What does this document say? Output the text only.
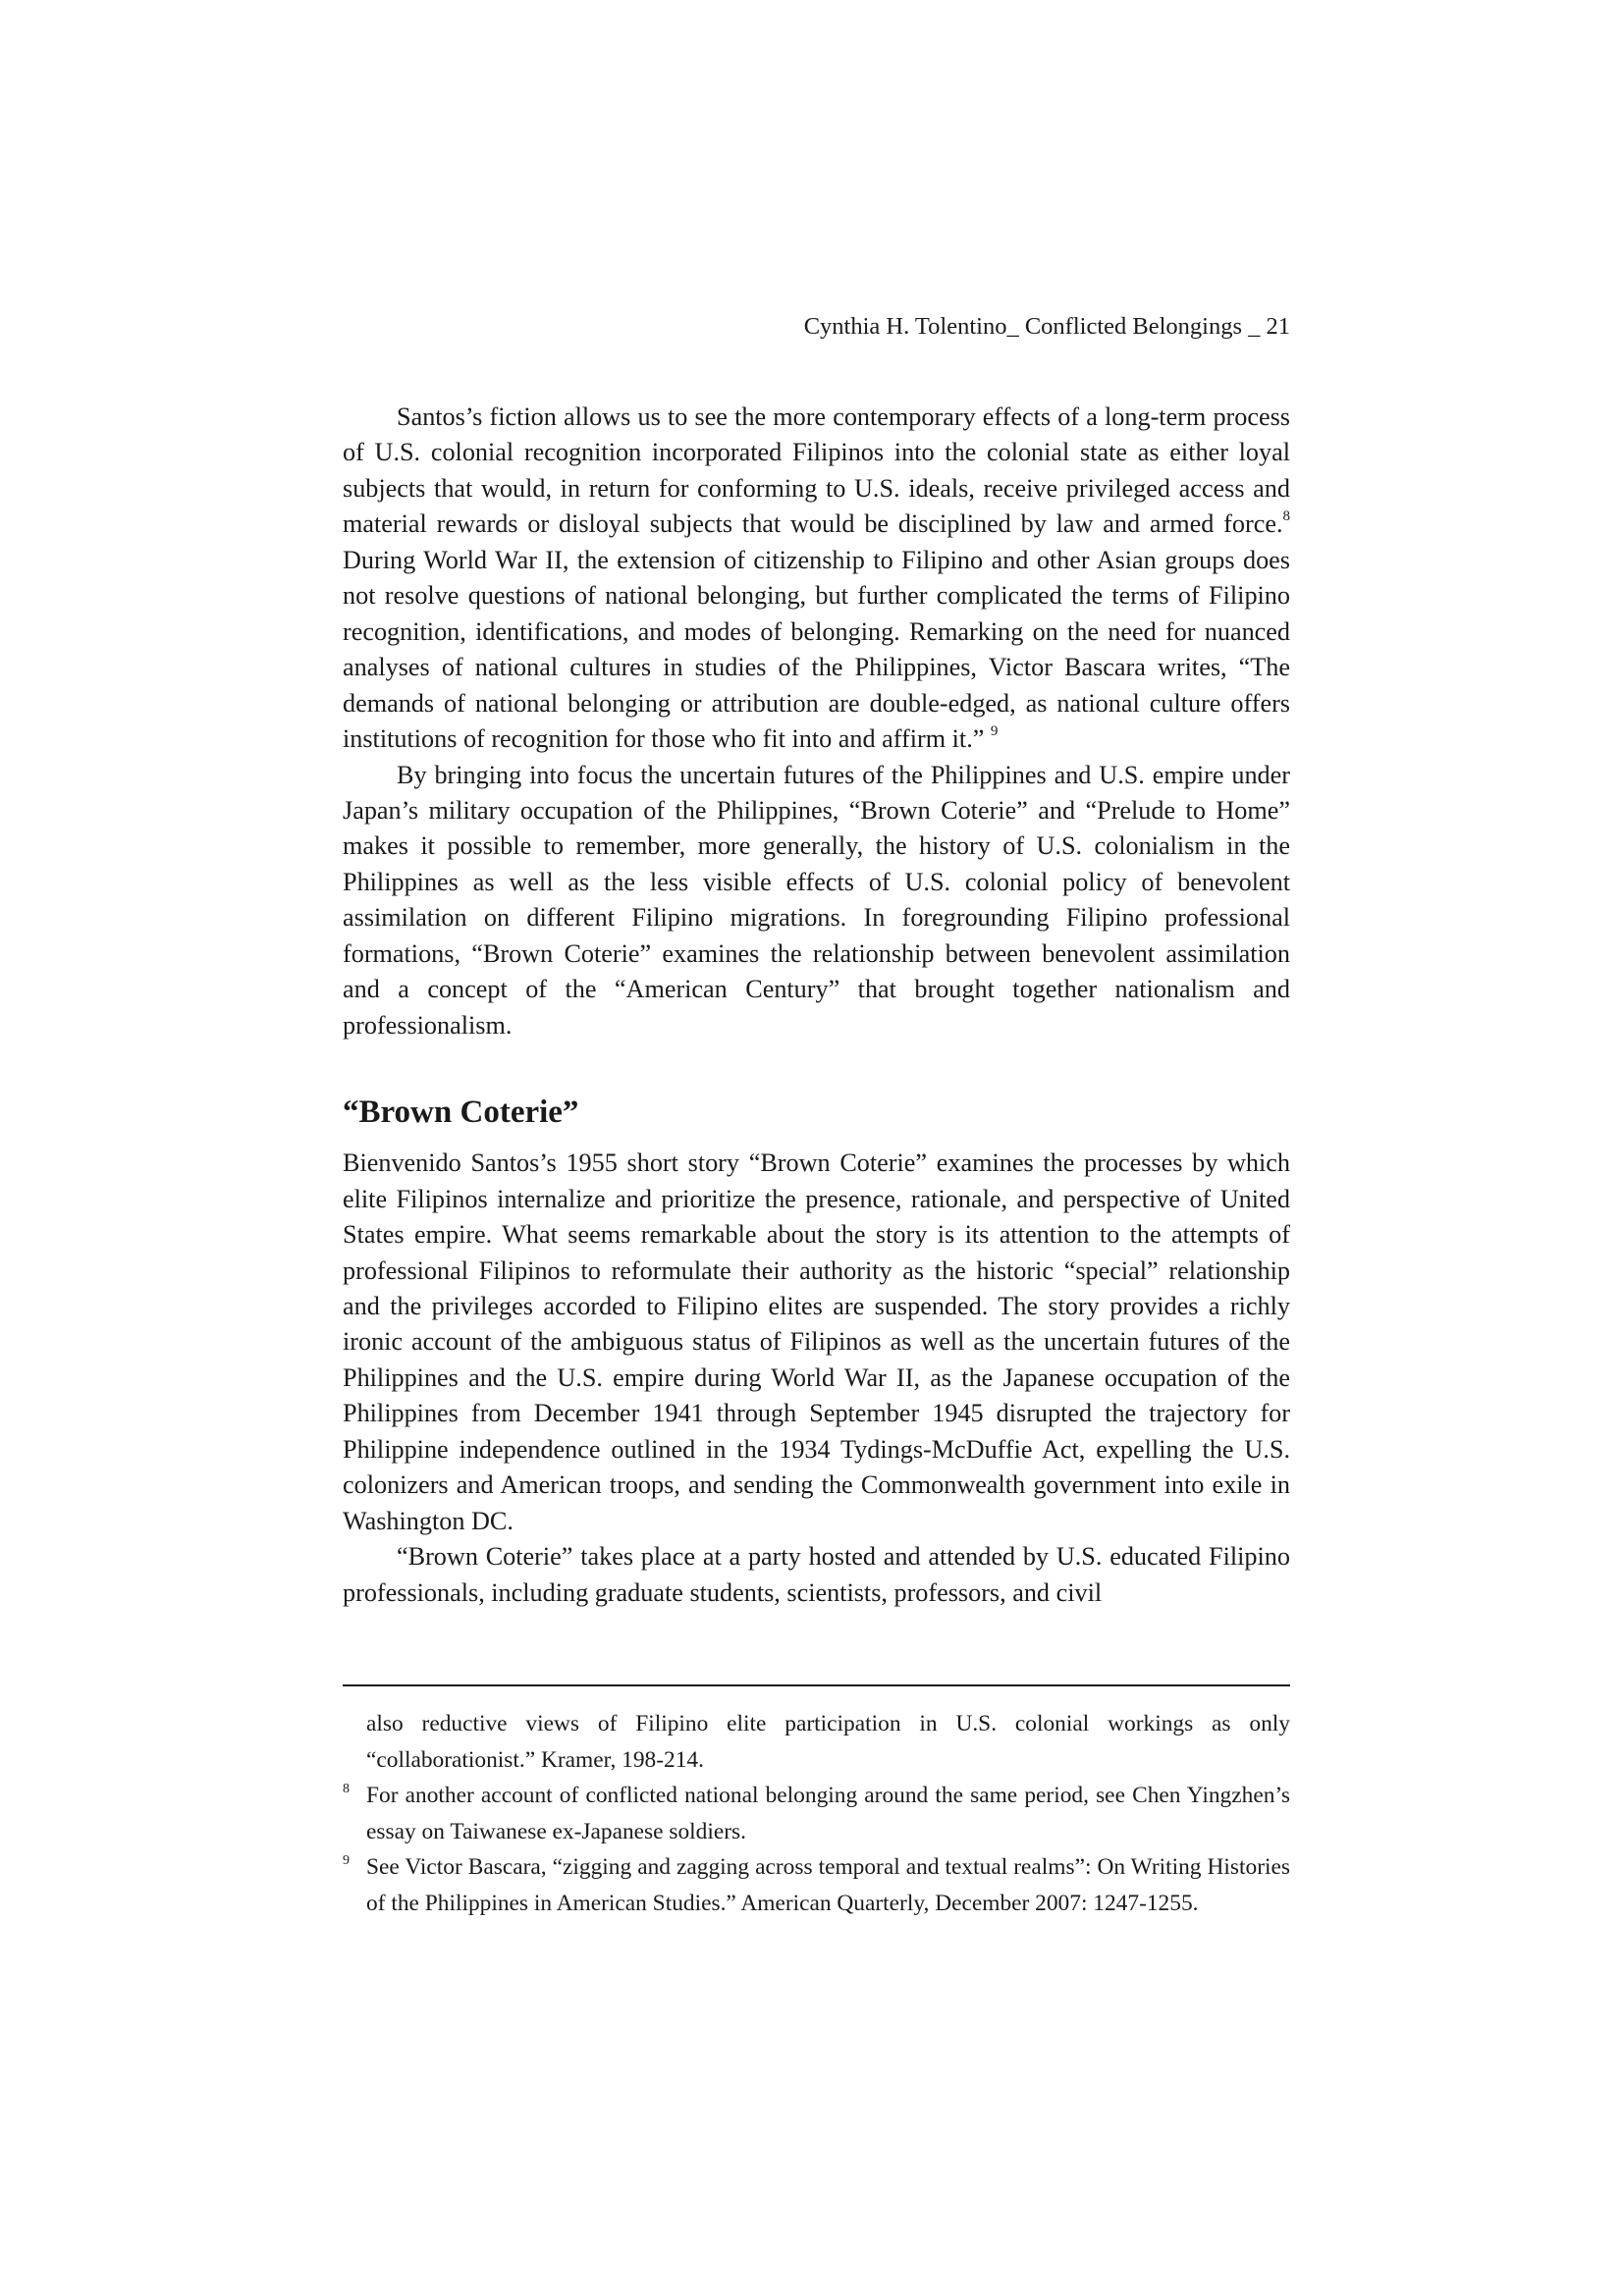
Cynthia H. Tolentino_ Conflicted Belongings _ 21

Santos’s fiction allows us to see the more contemporary effects of a long-term process of U.S. colonial recognition incorporated Filipinos into the colonial state as either loyal subjects that would, in return for conforming to U.S. ideals, receive privileged access and material rewards or disloyal subjects that would be disciplined by law and armed force.$^8$ During World War II, the extension of citizenship to Filipino and other Asian groups does not resolve questions of national belonging, but further complicated the terms of Filipino recognition, identifications, and modes of belonging. Remarking on the need for nuanced analyses of national cultures in studies of the Philippines, Victor Bascara writes, “The demands of national belonging or attribution are double-edged, as national culture offers institutions of recognition for those who fit into and affirm it.” $^9$

By bringing into focus the uncertain futures of the Philippines and U.S. empire under Japan’s military occupation of the Philippines, “Brown Coterie” and “Prelude to Home” makes it possible to remember, more generally, the history of U.S. colonialism in the Philippines as well as the less visible effects of U.S. colonial policy of benevolent assimilation on different Filipino migrations. In foregrounding Filipino professional formations, “Brown Coterie” examines the relationship between benevolent assimilation and a concept of the “American Century” that brought together nationalism and professionalism.

“Brown Coterie”

Bienvenido Santos’s 1955 short story “Brown Coterie” examines the processes by which elite Filipinos internalize and prioritize the presence, rationale, and perspective of United States empire. What seems remarkable about the story is its attention to the attempts of professional Filipinos to reformulate their authority as the historic “special” relationship and the privileges accorded to Filipino elites are suspended. The story provides a richly ironic account of the ambiguous status of Filipinos as well as the uncertain futures of the Philippines and the U.S. empire during World War II, as the Japanese occupation of the Philippines from December 1941 through September 1945 disrupted the trajectory for Philippine independence outlined in the 1934 Tydings-McDuffie Act, expelling the U.S. colonizers and American troops, and sending the Commonwealth government into exile in Washington DC.

“Brown Coterie” takes place at a party hosted and attended by U.S. educated Filipino professionals, including graduate students, scientists, professors, and civil

also reductive views of Filipino elite participation in U.S. colonial workings as only “collaborationist.” Kramer, 198-214.

8 For another account of conflicted national belonging around the same period, see Chen Yingzhen’s essay on Taiwanese ex-Japanese soldiers.

9 See Victor Bascara, “zigging and zagging across temporal and textual realms”: On Writing Histories of the Philippines in American Studies.” American Quarterly, December 2007: 1247-1255.
